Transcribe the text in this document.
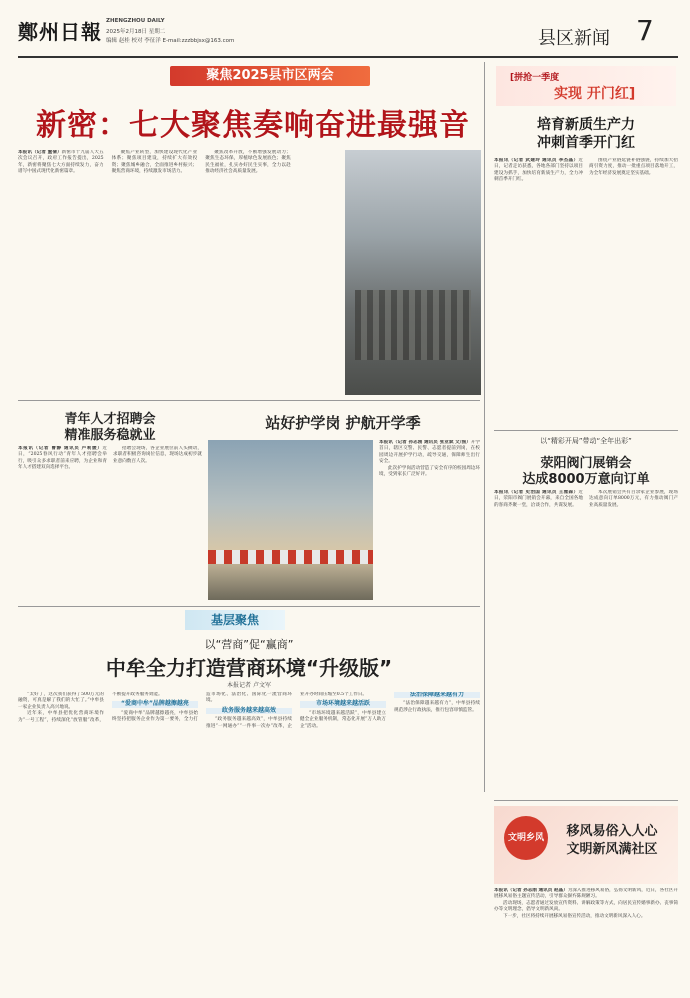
鄭州日報 ZHENGZHOU DAILY
2025年2月18日 星期二
编辑 赵桂 校对 李征洋 E-mail:zzzbbjsx@163.com	县区新闻 7
聚焦2025县市区两会
新密：七大聚焦奏响奋进最强音
本报讯（记者 董倩）新密市十九届人大五次会议召开，政府工作报告提出，2025年，新密将聚焦七大方面持续发力，奋力谱写中国式现代化新密篇章。

聚焦产业转型，加快建设现代化产业体系；聚焦项目建设，持续扩大有效投资；聚焦城乡融合，全面推进乡村振兴；聚焦营商环境，持续激发市场活力。

聚焦改革开放，不断增强发展动力；聚焦生态环保，厚植绿色发展底色；聚焦民生福祉，扎实办好民生实事，全力以赴推动经济社会高质量发展。

[拼抢一季度
实现 开门红]
培育新质生产力
冲刺首季开门红
本报讯（记者 武建玲 通讯员 李杰晶）近日，记者走访获悉，各地各部门坚持以项目建设为抓手，加快培育新质生产力，全力冲刺首季开门红。

围绕产业链延链补链强链，持续加大招商引资力度，推动一批重点项目落地开工，为全年经济发展奠定坚实基础。

青年人才招聘会
精准服务稳就业
本报讯（记者 曹静 通讯员 卢莉媛）近日，“2025春风行动”青年人才招聘会举行，吸引众多求职者前来应聘，为企业和青年人才搭建双向选择平台。

招聘会现场，各企业展位前人头攒动，求职者积极咨询岗位信息，现场达成初步就业意向数百人次。

站好护学岗 护航开学季
本报讯（记者 孙志刚 通讯员 张亚斌 文/图）开学首日，辖区交警、民警、志愿者提前到岗，在校园周边开展护学行动，疏导交通，保障师生出行安全。

此次护学岗活动营造了安全有序的校园周边环境，受到家长广泛好评。

以“精彩开局”带动“全年出彩”
荥阳阀门展销会
达成8000万意向订单
本报讯（记者 史治国 通讯员 王雅森）近日，荥阳市阀门展销会开幕，来自全国各地的客商齐聚一堂，洽谈合作，共谋发展。

本次展销会共有百余家企业参展，现场达成意向订单8000万元，有力推动阀门产业高质量发展。

基层聚焦
以“营商”促“赢商”
中牟全力打造营商环境“升级版”
本报记者 卢文军

“太好了，这次我们获得了500万元的融资，可真是解了我们的大忙了。”中牟县一家企业负责人高兴地说。

近年来，中牟县把优化营商环境作为“一号工程”，持续深化“放管服”改革，不断提升政务服务效能。

“爱商中牟”品牌越擦越亮

“爱商中牟”品牌越擦越亮，中牟县始终坚持把服务企业作为第一要务，全力打造市场化、法治化、国际化一流营商环境。

政务服务越来越高效

“政务服务越来越高效”，中牟县持续推进“一网通办”“一件事一次办”改革，企业开办时间压缩至0.5个工作日。

市场环境越来越活跃

“市场环境越来越活跃”，中牟县建立健全企业服务机制，常态化开展“万人助万企”活动。

法治保障越来越有力

“法治保障越来越有力”，中牟县持续规范涉企行政执法，推行包容审慎监管。

文明乡风	移风易俗入人心
文明新风满社区
本报讯（记者 孙志刚 通讯员 赵晶）为深入推进移风易俗，弘扬文明新风，近日，各社区开展移风易俗主题宣传活动，引导群众摒弃陈规陋习。

活动现场，志愿者通过发放宣传资料、讲解政策等方式，向居民宣传婚事新办、丧事简办等文明理念，倡导文明新风尚。

下一步，社区将持续开展移风易俗宣传活动，推动文明新风深入人心。
